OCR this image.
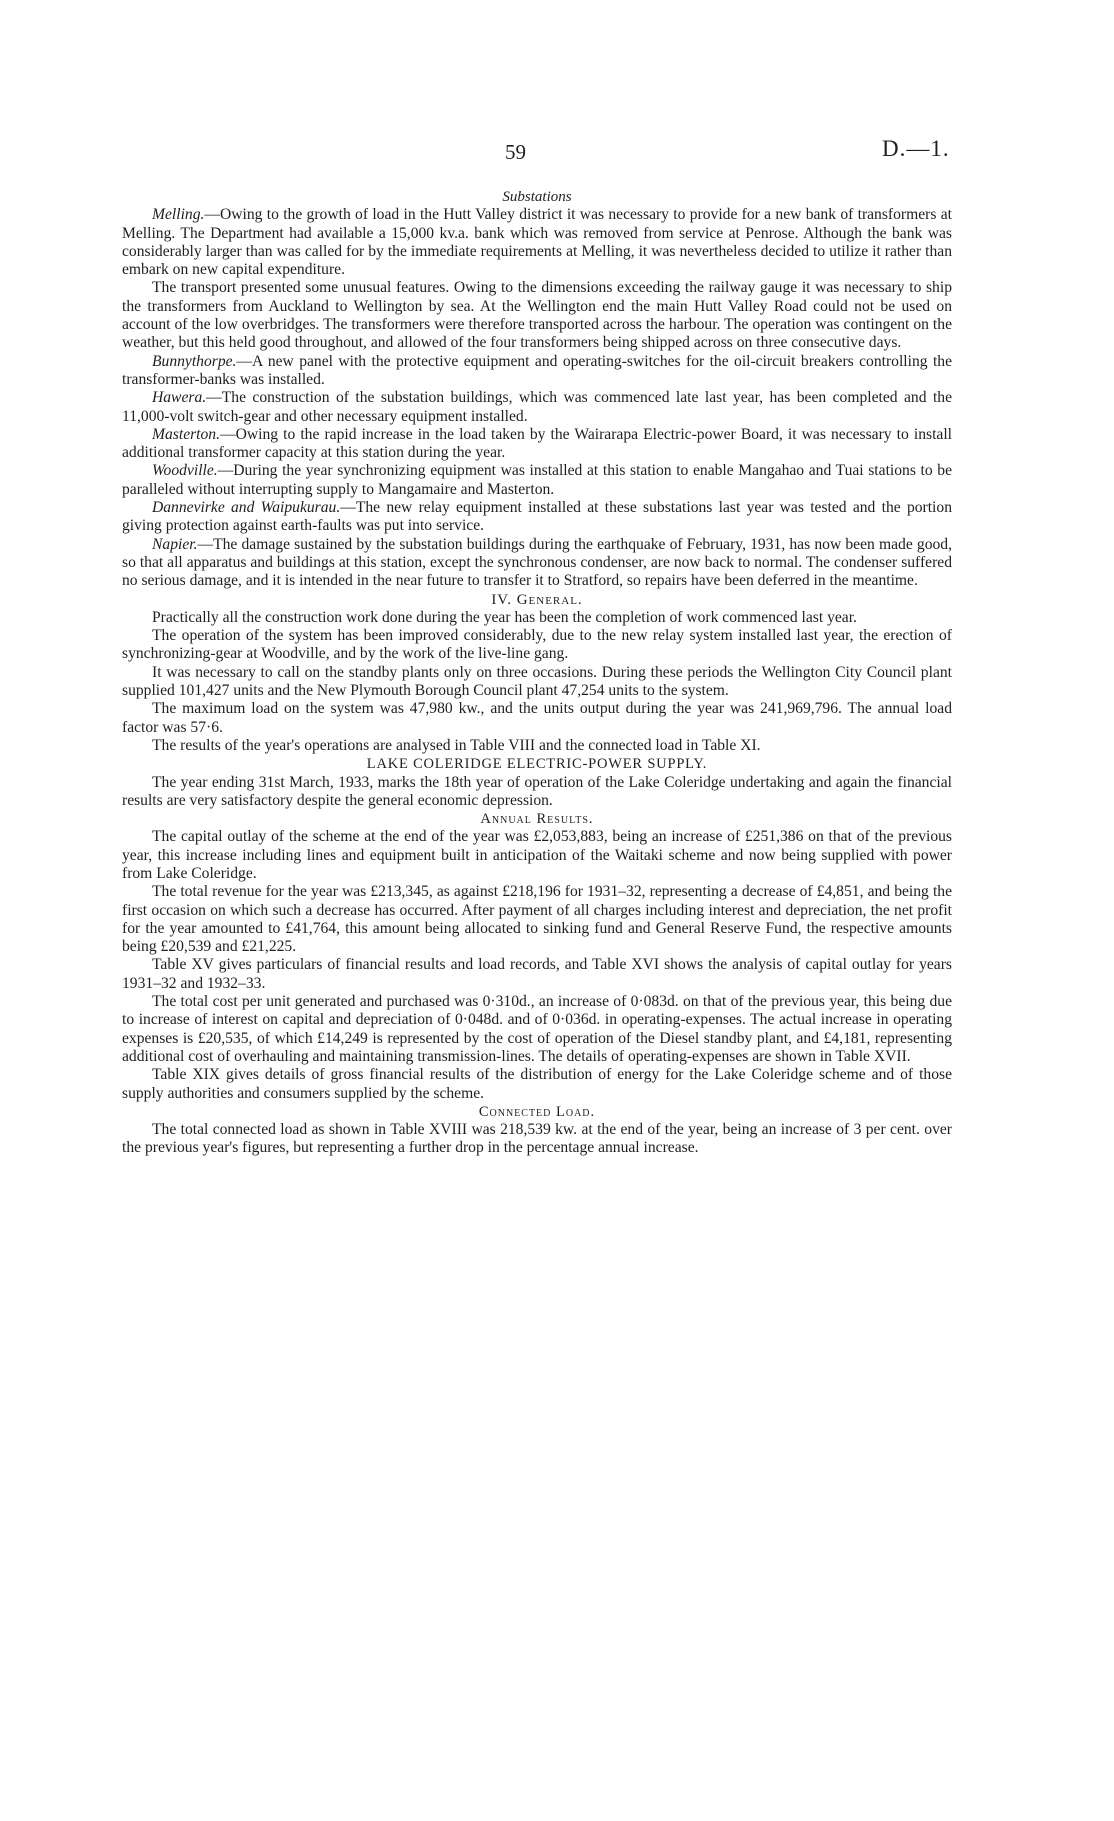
59	D.—1.

Substations

Melling.—Owing to the growth of load in the Hutt Valley district it was necessary to provide for a new bank of transformers at Melling. The Department had available a 15,000 kv.a. bank which was removed from service at Penrose. Although the bank was considerably larger than was called for by the immediate requirements at Melling, it was nevertheless decided to utilize it rather than embark on new capital expenditure.

The transport presented some unusual features. Owing to the dimensions exceeding the railway gauge it was necessary to ship the transformers from Auckland to Wellington by sea. At the Wellington end the main Hutt Valley Road could not be used on account of the low overbridges. The transformers were therefore transported across the harbour. The operation was contingent on the weather, but this held good throughout, and allowed of the four transformers being shipped across on three consecutive days.

Bunnythorpe.—A new panel with the protective equipment and operating-switches for the oil-circuit breakers controlling the transformer-banks was installed.

Hawera.—The construction of the substation buildings, which was commenced late last year, has been completed and the 11,000-volt switch-gear and other necessary equipment installed.

Masterton.—Owing to the rapid increase in the load taken by the Wairarapa Electric-power Board, it was necessary to install additional transformer capacity at this station during the year.

Woodville.—During the year synchronizing equipment was installed at this station to enable Mangahao and Tuai stations to be paralleled without interrupting supply to Mangamaire and Masterton.

Dannevirke and Waipukurau.—The new relay equipment installed at these substations last year was tested and the portion giving protection against earth-faults was put into service.

Napier.—The damage sustained by the substation buildings during the earthquake of February, 1931, has now been made good, so that all apparatus and buildings at this station, except the synchronous condenser, are now back to normal. The condenser suffered no serious damage, and it is intended in the near future to transfer it to Stratford, so repairs have been deferred in the meantime.

IV. General.

Practically all the construction work done during the year has been the completion of work commenced last year.

The operation of the system has been improved considerably, due to the new relay system installed last year, the erection of synchronizing-gear at Woodville, and by the work of the live-line gang.

It was necessary to call on the standby plants only on three occasions. During these periods the Wellington City Council plant supplied 101,427 units and the New Plymouth Borough Council plant 47,254 units to the system.

The maximum load on the system was 47,980 kw., and the units output during the year was 241,969,796. The annual load factor was 57·6.

The results of the year's operations are analysed in Table VIII and the connected load in Table XI.

LAKE COLERIDGE ELECTRIC-POWER SUPPLY.

The year ending 31st March, 1933, marks the 18th year of operation of the Lake Coleridge undertaking and again the financial results are very satisfactory despite the general economic depression.

Annual Results.

The capital outlay of the scheme at the end of the year was £2,053,883, being an increase of £251,386 on that of the previous year, this increase including lines and equipment built in anticipation of the Waitaki scheme and now being supplied with power from Lake Coleridge.

The total revenue for the year was £213,345, as against £218,196 for 1931–32, representing a decrease of £4,851, and being the first occasion on which such a decrease has occurred. After payment of all charges including interest and depreciation, the net profit for the year amounted to £41,764, this amount being allocated to sinking fund and General Reserve Fund, the respective amounts being £20,539 and £21,225.

Table XV gives particulars of financial results and load records, and Table XVI shows the analysis of capital outlay for years 1931–32 and 1932–33.

The total cost per unit generated and purchased was 0·310d., an increase of 0·083d. on that of the previous year, this being due to increase of interest on capital and depreciation of 0·048d. and of 0·036d. in operating-expenses. The actual increase in operating expenses is £20,535, of which £14,249 is represented by the cost of operation of the Diesel standby plant, and £4,181, representing additional cost of overhauling and maintaining transmission-lines. The details of operating-expenses are shown in Table XVII.

Table XIX gives details of gross financial results of the distribution of energy for the Lake Coleridge scheme and of those supply authorities and consumers supplied by the scheme.

Connected Load.

The total connected load as shown in Table XVIII was 218,539 kw. at the end of the year, being an increase of 3 per cent. over the previous year's figures, but representing a further drop in the percentage annual increase.
